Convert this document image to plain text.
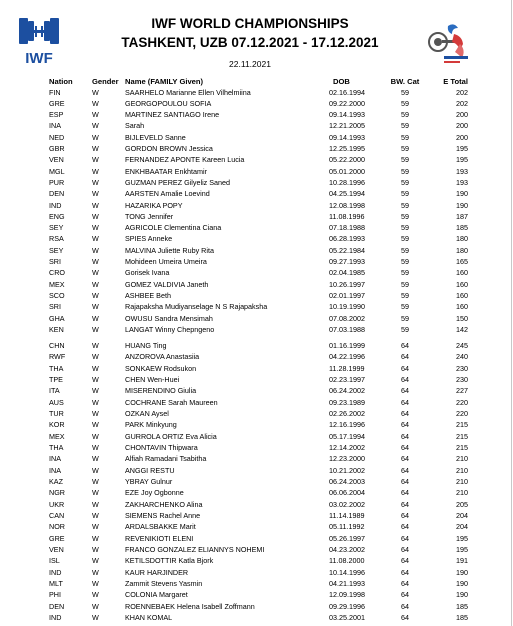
IWF
IWF WORLD CHAMPIONSHIPS
TASHKENT, UZB 07.12.2021 - 17.12.2021
22.11.2021
Nation	Gender Name (FAMILY Given)	DOB	BW. Cat	E Total
FIN	W	SAARHELO Marianne Ellen Vilhelmiina	02.16.1994	59	202
GRE	W	GEORGOPOULOU SOFIA	09.22.2000	59	202
ESP	W	MARTINEZ SANTIAGO Irene	09.14.1993	59	200
INA	W	Sarah	12.21.2005	59	200
NED	W	BIJLEVELD Sanne	09.14.1993	59	200
GBR	W	GORDON BROWN Jessica	12.25.1995	59	195
VEN	W	FERNANDEZ APONTE Kareen Lucia	05.22.2000	59	195
MGL	W	ENKHBAATAR Enkhtamir	05.01.2000	59	193
PUR	W	GUZMAN PEREZ Gilyeliz Saned	10.28.1996	59	193
DEN	W	AARSTEN Amalie Loevind	04.25.1994	59	190
IND	W	HAZARIKA POPY	12.08.1998	59	190
ENG	W	TONG Jennifer	11.08.1996	59	187
SEY	W	AGRICOLE Clementina Ciana	07.18.1988	59	185
RSA	W	SPIES Anneke	06.28.1993	59	180
SEY	W	MALVINA Juliette Ruby Rita	05.22.1984	59	180
SRI	W	Mohideen Umeira Umeira	09.27.1993	59	165
CRO	W	Gorisek Ivana	02.04.1985	59	160
MEX	W	GOMEZ VALDIVIA Janeth	10.26.1997	59	160
SCO	W	ASHBEE Beth	02.01.1997	59	160
SRI	W	Rajapaksha Mudiyanselage N S Rajapaksha	10.19.1990	59	160
GHA	W	OWUSU Sandra Mensimah	07.08.2002	59	150
KEN	W	LANGAT Winny Chepngeno	07.03.1988	59	142
CHN	W	HUANG Ting	01.16.1999	64	245
RWF	W	ANZOROVA Anastasiia	04.22.1996	64	240
THA	W	SONKAEW Rodsukon	11.28.1999	64	230
TPE	W	CHEN Wen-Huei	02.23.1997	64	230
ITA	W	MISERENDINO Giulia	06.24.2002	64	227
AUS	W	COCHRANE Sarah Maureen	09.23.1989	64	220
TUR	W	OZKAN Aysel	02.26.2002	64	220
KOR	W	PARK Minkyung	12.16.1996	64	215
MEX	W	GURROLA ORTIZ Eva Alicia	05.17.1994	64	215
THA	W	CHONTAVIN Thipwara	12.14.2002	64	215
INA	W	Alfiah Ramadani Tsabitha	12.23.2000	64	210
INA	W	ANGGI RESTU	10.21.2002	64	210
KAZ	W	YBRAY Gulnur	06.24.2003	64	210
NGR	W	EZE Joy Ogbonne	06.06.2004	64	210
UKR	W	ZAKHARCHENKO Alina	03.02.2002	64	205
CAN	W	SIEMENS Rachel Anne	11.14.1989	64	204
NOR	W	ARDALSBAKKE Marit	05.11.1992	64	204
GRE	W	REVENIKIOTI ELENI	05.26.1997	64	195
VEN	W	FRANCO GONZALEZ ELIANNYS NOHEMI	04.23.2002	64	195
ISL	W	KETILSDOTTIR Katla Bjork	11.08.2000	64	191
IND	W	KAUR HARJINDER	10.14.1996	64	190
MLT	W	Zammit Stevens Yasmin	04.21.1993	64	190
PHI	W	COLONIA Margaret	12.09.1998	64	190
DEN	W	ROENNEBAEK Helena Isabell Zoffmann	09.29.1996	64	185
IND	W	KHAN KOMAL	03.25.2001	64	185
